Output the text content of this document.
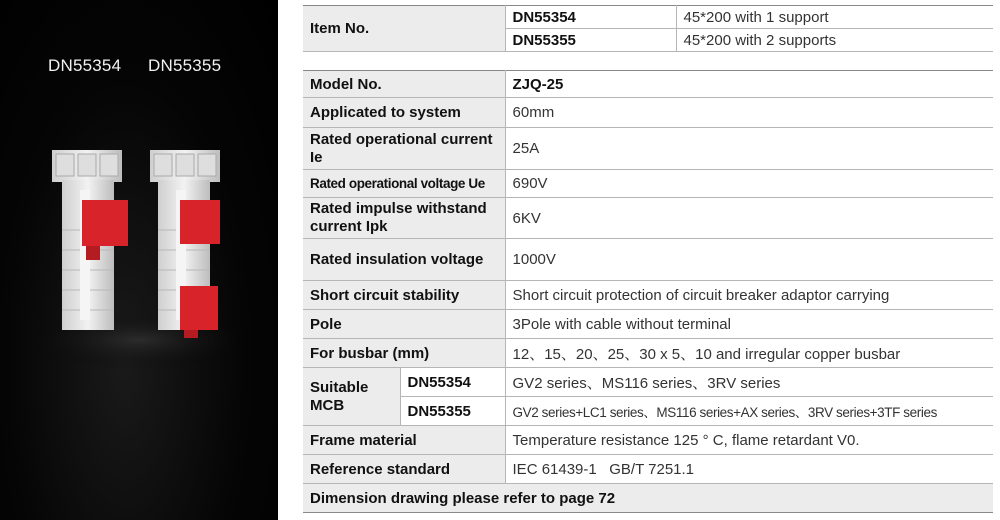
DN55354 DN55355
Item No.	DN55354	45*200 with 1 support
	DN55355	45*200 with 2 supports
Model No.		ZJQ-25
Applicated to system		60mm
Rated operational current Ie		25A
Rated operational voltage Ue		690V
Rated impulse withstand current Ipk		6KV
Rated insulation voltage		1000V
Short circuit stability		Short circuit protection of circuit breaker adaptor carrying
Pole		3Pole with cable without terminal
For busbar (mm)		12、15、20、25、30 x 5、10 and irregular copper busbar
Suitable MCB	DN55354	GV2 series、MS116 series、3RV series
	DN55355	GV2 series+LC1 series、MS116 series+AX series、3RV series+3TF series
Frame material		Temperature resistance 125 ° C, flame retardant V0.
Reference standard		IEC 61439-1   GB/T 7251.1
Dimension drawing please refer to page 72		
